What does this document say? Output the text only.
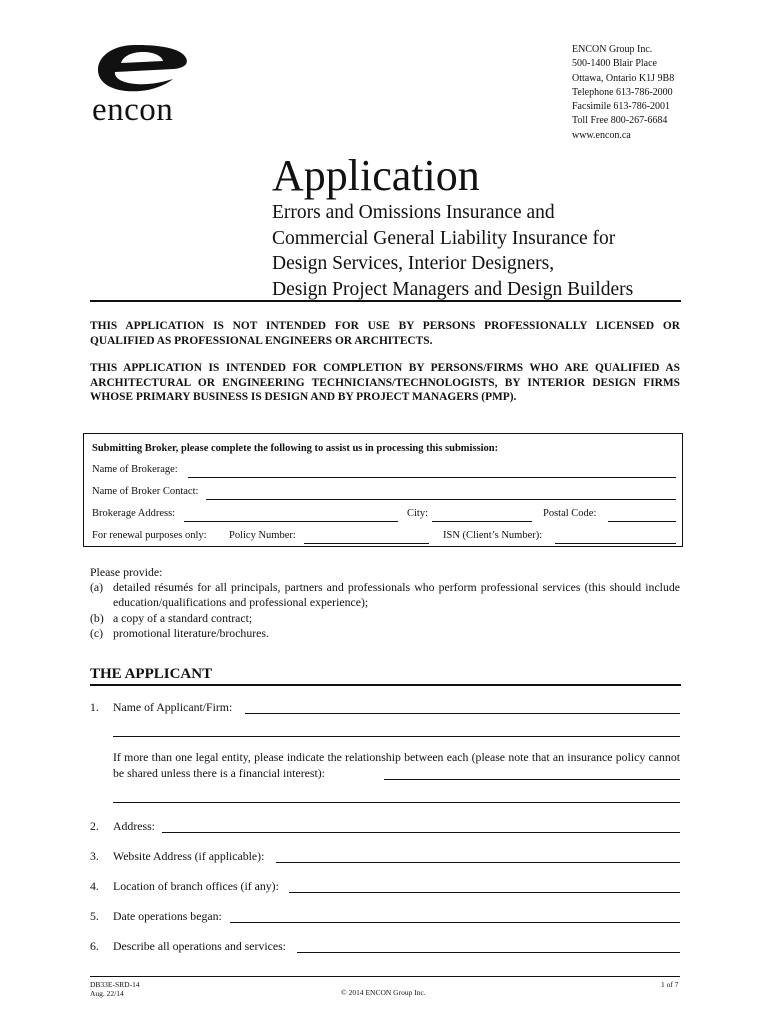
encon
ENCON Group Inc.
500-1400 Blair Place
Ottawa, Ontario K1J 9B8
Telephone 613-786-2000
Facsimile 613-786-2001
Toll Free 800-267-6684
www.encon.ca
Application
Errors and Omissions Insurance and
Commercial General Liability Insurance for
Design Services, Interior Designers,
Design Project Managers and Design Builders
THIS APPLICATION IS NOT INTENDED FOR USE BY PERSONS PROFESSIONALLY LICENSED OR QUALIFIED AS PROFESSIONAL ENGINEERS OR ARCHITECTS.
THIS APPLICATION IS INTENDED FOR COMPLETION BY PERSONS/FIRMS WHO ARE QUALIFIED AS ARCHITECTURAL OR ENGINEERING TECHNICIANS/TECHNOLOGISTS, BY INTERIOR DESIGN FIRMS WHOSE PRIMARY BUSINESS IS DESIGN AND BY PROJECT MANAGERS (PMP).
Submitting Broker, please complete the following to assist us in processing this submission:
Name of Brokerage:
Name of Broker Contact:
Brokerage Address:	City:	Postal Code:
For renewal purposes only: Policy Number:	ISN (Client’s Number):
Please provide:
(a) detailed résumés for all principals, partners and professionals who perform professional services (this should include education/qualifications and professional experience);
(b) a copy of a standard contract;
(c) promotional literature/brochures.
THE APPLICANT
1. Name of Applicant/Firm:
If more than one legal entity, please indicate the relationship between each (please note that an insurance policy cannot be shared unless there is a financial interest):
2. Address:
3. Website Address (if applicable):
4. Location of branch offices (if any):
5. Date operations began:
6. Describe all operations and services:
DB33E-SRD-14
Aug. 22/14	© 2014 ENCON Group Inc.
1 of 7
